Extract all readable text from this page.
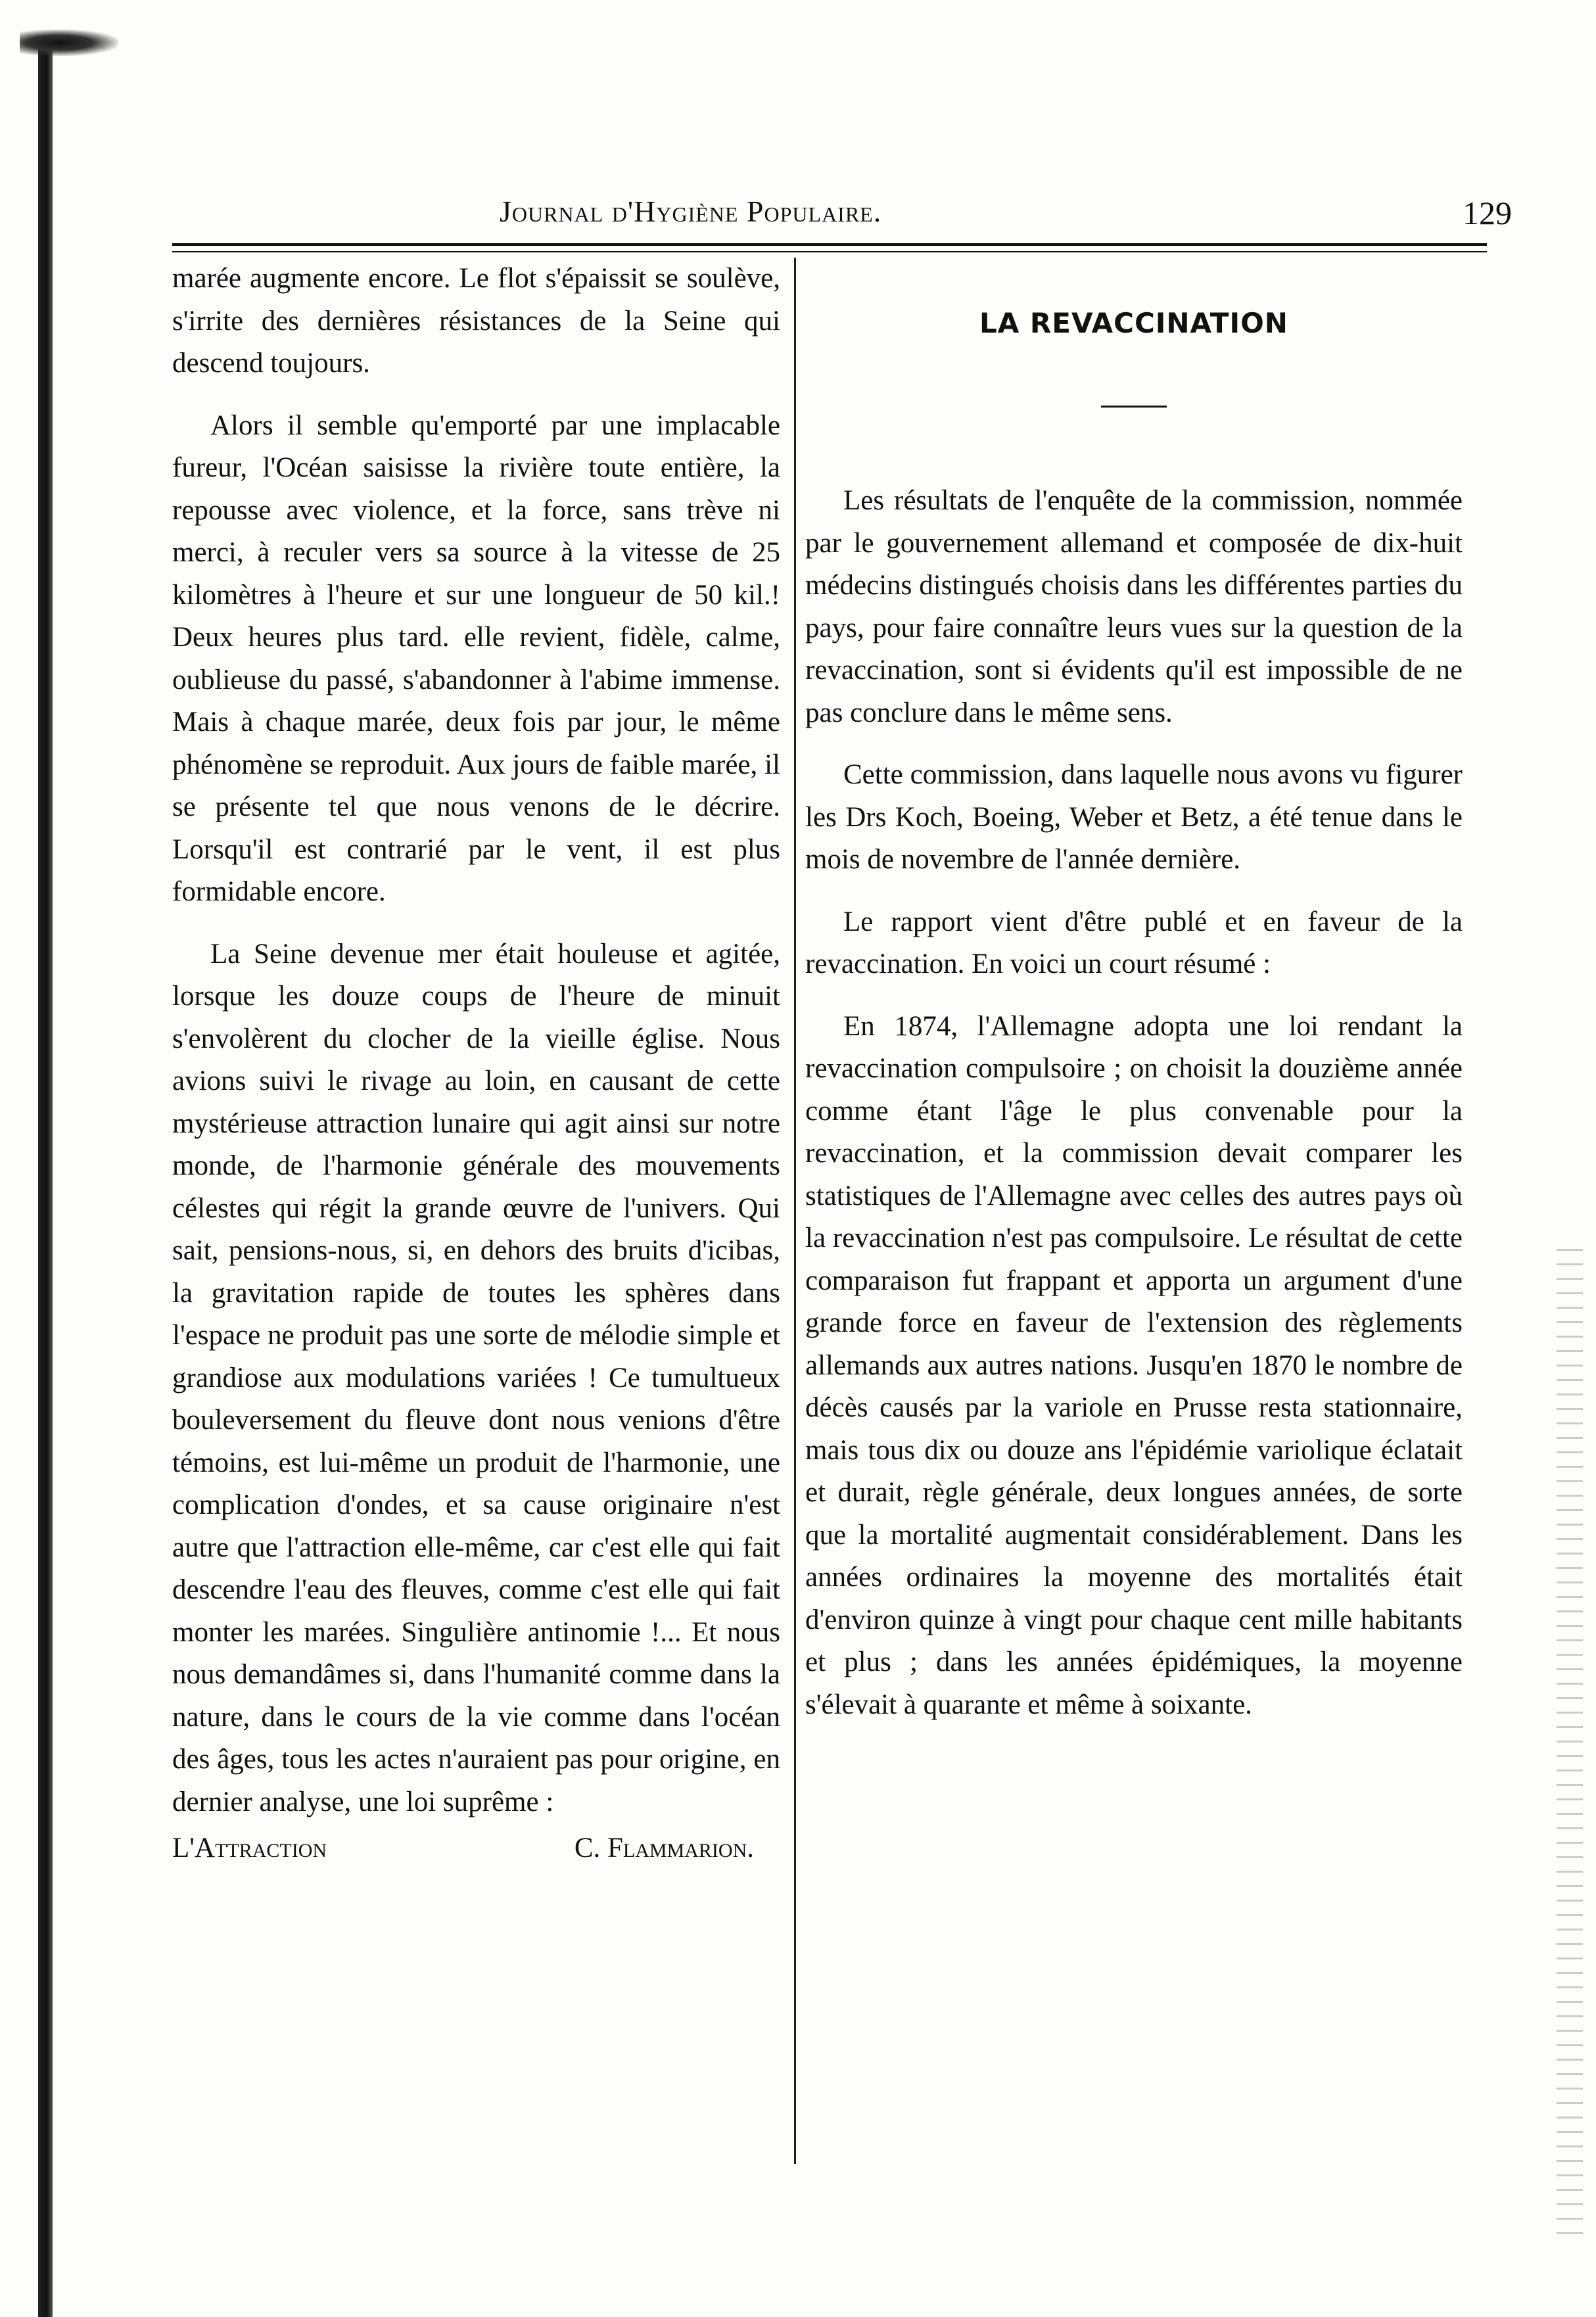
Journal d'Hygiène Populaire.	129

marée augmente encore. Le flot s'épaissit se soulève, s'irrite des dernières résistances de la Seine qui descend toujours.

Alors il semble qu'emporté par une implacable fureur, l'Océan saisisse la rivière toute entière, la repousse avec violence, et la force, sans trève ni merci, à reculer vers sa source à la vitesse de 25 kilomètres à l'heure et sur une longueur de 50 kil.! Deux heures plus tard. elle revient, fidèle, calme, oublieuse du passé, s'abandonner à l'abime immense. Mais à chaque marée, deux fois par jour, le même phénomène se reproduit. Aux jours de faible marée, il se présente tel que nous venons de le décrire. Lorsqu'il est contrarié par le vent, il est plus formidable encore.

La Seine devenue mer était houleuse et agitée, lorsque les douze coups de l'heure de minuit s'envolèrent du clocher de la vieille église. Nous avions suivi le rivage au loin, en causant de cette mystérieuse attraction lunaire qui agit ainsi sur notre monde, de l'harmonie générale des mouvements célestes qui régit la grande œuvre de l'univers. Qui sait, pensions-nous, si, en dehors des bruits d'icibas, la gravitation rapide de toutes les sphères dans l'espace ne produit pas une sorte de mélodie simple et grandiose aux modulations variées ! Ce tumultueux bouleversement du fleuve dont nous venions d'être témoins, est lui-même un produit de l'harmonie, une complication d'ondes, et sa cause originaire n'est autre que l'attraction elle-même, car c'est elle qui fait descendre l'eau des fleuves, comme c'est elle qui fait monter les marées. Singulière antinomie !... Et nous nous demandâmes si, dans l'humanité comme dans la nature, dans le cours de la vie comme dans l'océan des âges, tous les actes n'auraient pas pour origine, en dernier analyse, une loi suprême :

L'Attraction	C. Flammarion.
LA REVACCINATION

Les résultats de l'enquête de la commission, nommée par le gouvernement allemand et composée de dix-huit médecins distingués choisis dans les différentes parties du pays, pour faire connaître leurs vues sur la question de la revaccination, sont si évidents qu'il est impossible de ne pas conclure dans le même sens.

Cette commission, dans laquelle nous avons vu figurer les Drs Koch, Boeing, Weber et Betz, a été tenue dans le mois de novembre de l'année dernière.

Le rapport vient d'être publé et en faveur de la revaccination. En voici un court résumé :

En 1874, l'Allemagne adopta une loi rendant la revaccination compulsoire ; on choisit la douzième année comme étant l'âge le plus convenable pour la revaccination, et la commission devait comparer les statistiques de l'Allemagne avec celles des autres pays où la revaccination n'est pas compulsoire. Le résultat de cette comparaison fut frappant et apporta un argument d'une grande force en faveur de l'extension des règlements allemands aux autres nations. Jusqu'en 1870 le nombre de décès causés par la variole en Prusse resta stationnaire, mais tous dix ou douze ans l'épidémie variolique éclatait et durait, règle générale, deux longues années, de sorte que la mortalité augmentait considérablement. Dans les années ordinaires la moyenne des mortalités était d'environ quinze à vingt pour chaque cent mille habitants et plus ; dans les années épidémiques, la moyenne s'élevait à quarante et même à soixante.
